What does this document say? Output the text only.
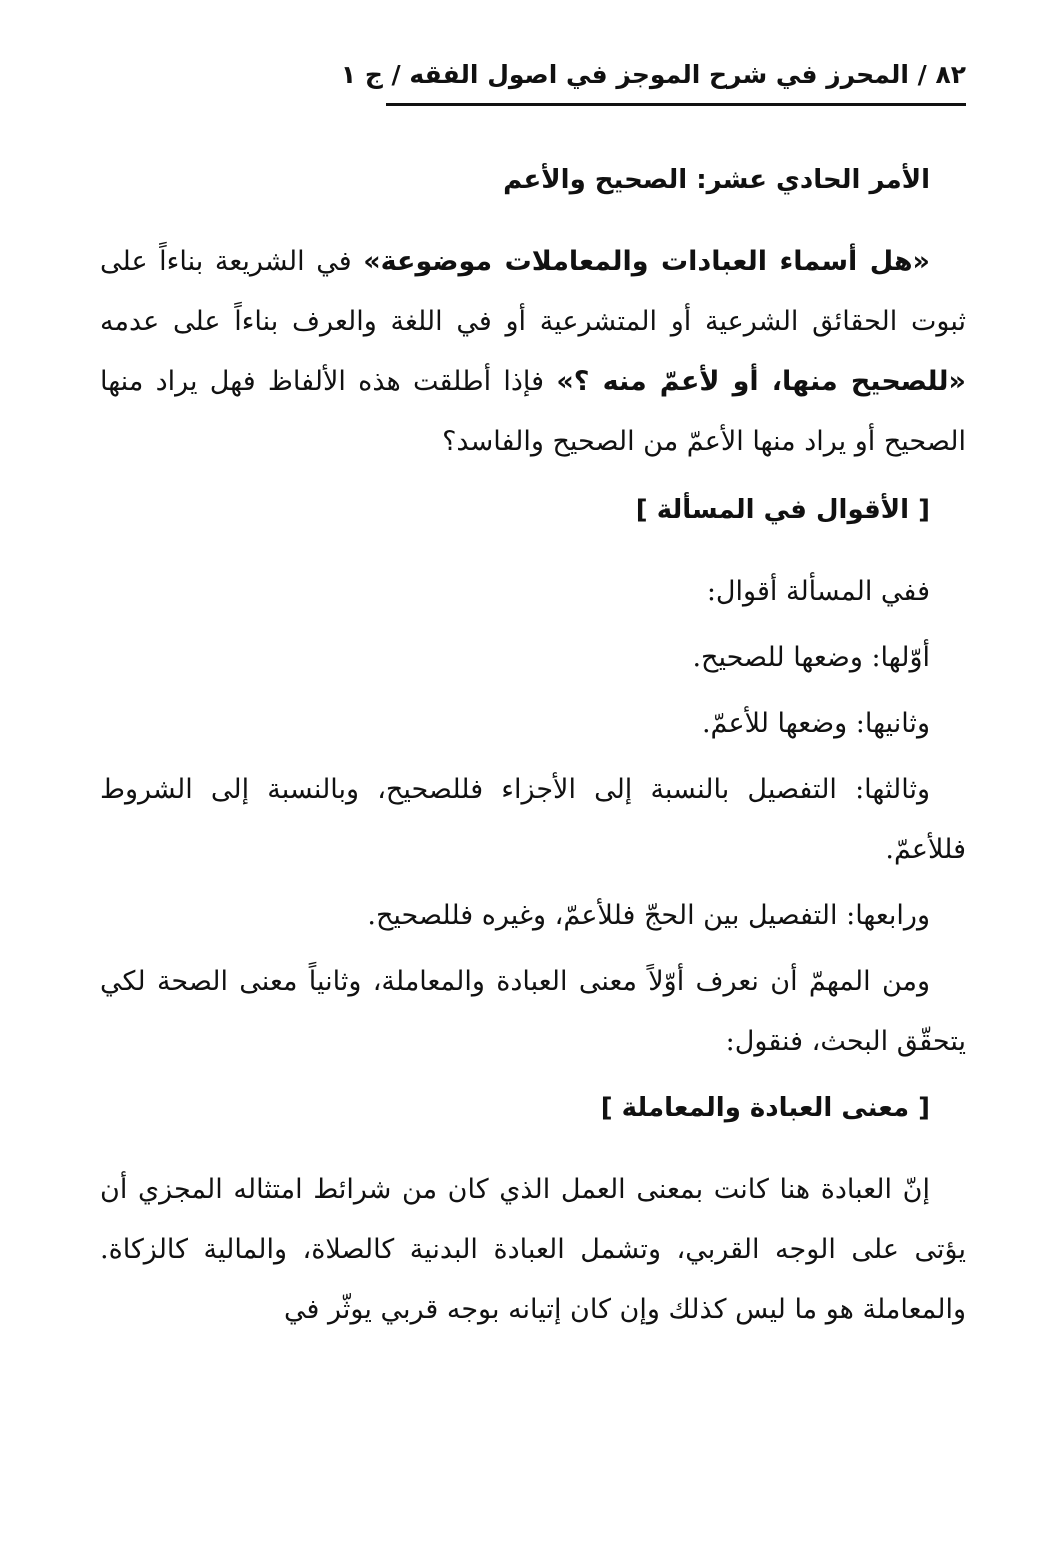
٨٢ / المحرز في شرح الموجز في اصول الفقه / ج ١
الأمر الحادي عشر: الصحيح والأعم

«هل أسماء العبادات والمعاملات موضوعة» في الشريعة بناءاً على ثبوت الحقائق الشرعية أو المتشرعية أو في اللغة والعرف بناءاً على عدمه «للصحيح منها، أو لأعمّ منه ؟» فإذا أطلقت هذه الألفاظ فهل يراد منها الصحيح أو يراد منها الأعمّ من الصحيح والفاسد؟

[ الأقوال في المسألة ]

ففي المسألة أقوال:

أوّلها: وضعها للصحيح.

وثانيها: وضعها للأعمّ.

وثالثها: التفصيل بالنسبة إلى الأجزاء فللصحيح، وبالنسبة إلى الشروط فللأعمّ.

ورابعها: التفصيل بين الحجّ فللأعمّ، وغيره فللصحيح.

ومن المهمّ أن نعرف أوّلاً معنى العبادة والمعاملة، وثانياً معنى الصحة لكي يتحقّق البحث، فنقول:

[ معنى العبادة والمعاملة ]

إنّ العبادة هنا كانت بمعنى العمل الذي كان من شرائط امتثاله المجزي أن يؤتى على الوجه القربي، وتشمل العبادة البدنية كالصلاة، والمالية كالزكاة. والمعاملة هو ما ليس كذلك وإن كان إتيانه بوجه قربي يوثّر في
